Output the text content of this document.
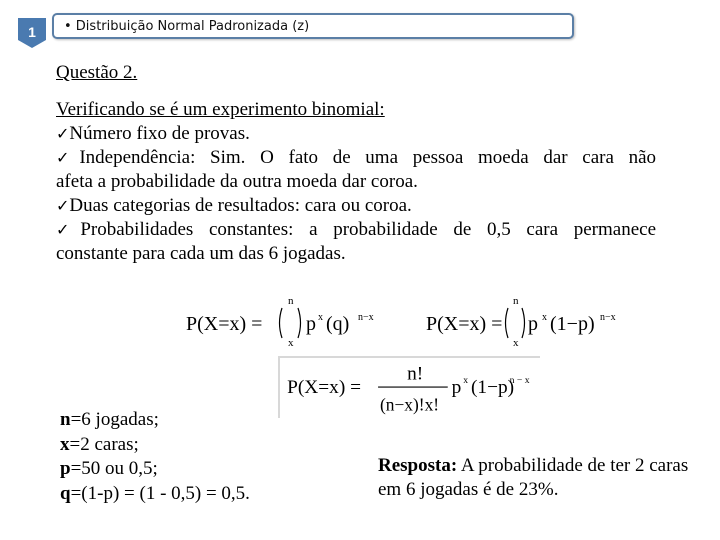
1	• Distribuição Normal Padronizada (z)
Questão 2.
Verificando se é um experimento binomial:
✓Número fixo de provas.
✓Independência: Sim. O fato de uma pessoa moeda dar cara não
afeta a probabilidade da outra moeda dar coroa.
✓Duas categorias de resultados: cara ou coroa.
✓Probabilidades constantes: a probabilidade de 0,5 cara permanece
constante para cada um das 6 jogadas.
P(X=x) =
n
x
p x (q) n−x	P(X=x) =
n
x
p x (1−p) n−x
P(X=x) =
n!
(n−x)!x!
p x (1−p)
n − x
n=6 jogadas;
x=2 caras;
p=50 ou 0,5;
q=(1-p) = (1 - 0,5) = 0,5.
Resposta: A probabilidade de ter 2 caras em 6 jogadas é de 23%.
